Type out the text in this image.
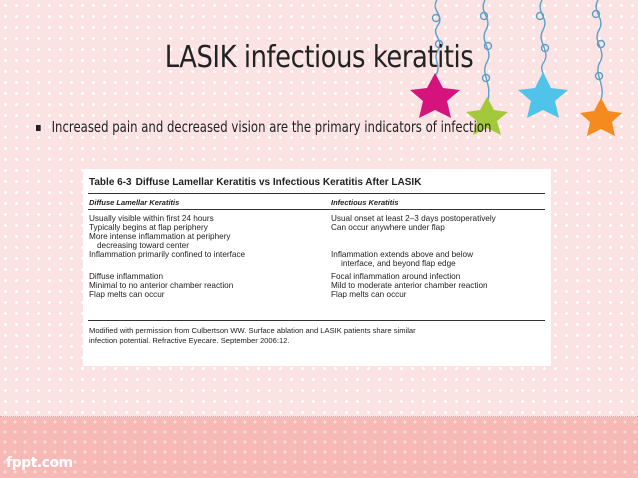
LASIK infectious keratitis
Increased pain and decreased vision are the primary indicators of infection
Table 6-3 Diffuse Lamellar Keratitis vs Infectious Keratitis After LASIK
Diffuse Lamellar Keratitis	Infectious Keratitis
Usually visible within first 24 hours
Typically begins at flap periphery
More intense inflammation at periphery
decreasing toward center
Inflammation primarily confined to interface
Diffuse inflammation
Minimal to no anterior chamber reaction
Flap melts can occur
Usual onset at least 2–3 days postoperatively
Can occur anywhere under flap
Inflammation extends above and below
interface, and beyond flap edge
Focal inflammation around infection
Mild to moderate anterior chamber reaction
Flap melts can occur
Modified with permission from Culbertson WW. Surface ablation and LASIK patients share similar
infection potential. Refractive Eyecare. September 2006:12.
fppt.com
